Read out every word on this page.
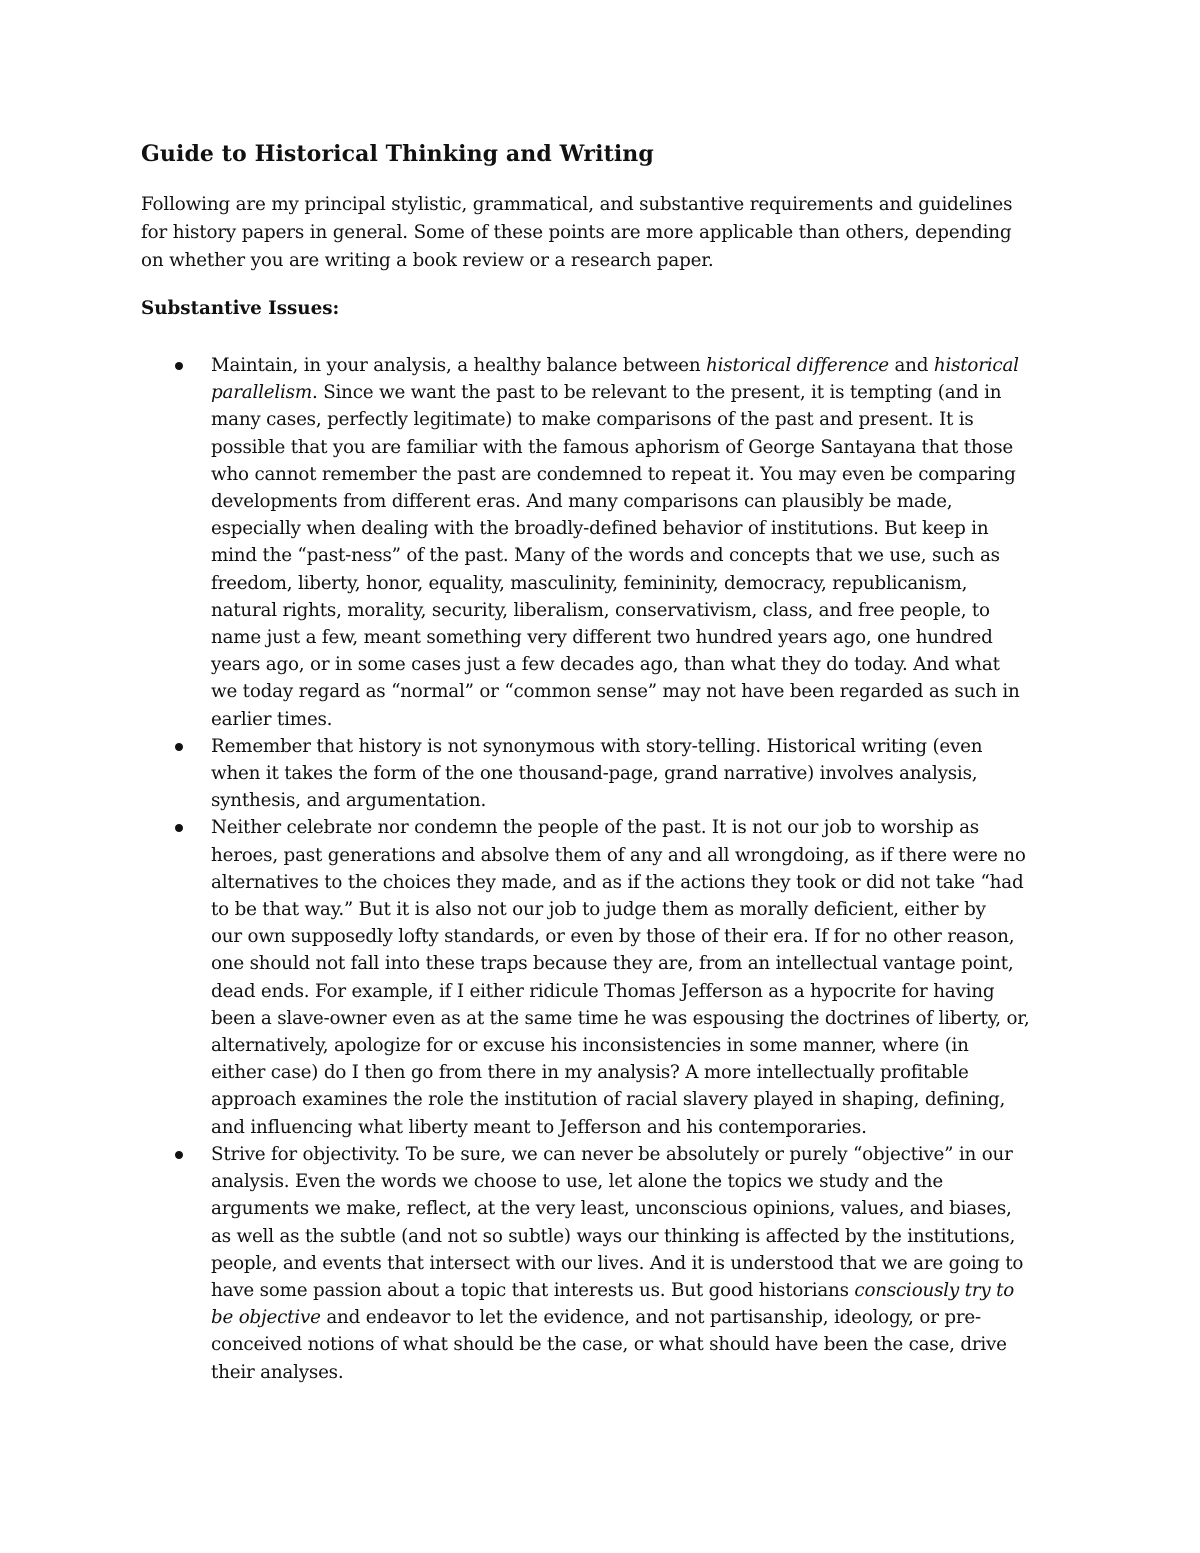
Guide to Historical Thinking and Writing

Following are my principal stylistic, grammatical, and substantive requirements and guidelines
for history papers in general. Some of these points are more applicable than others, depending
on whether you are writing a book review or a research paper.

Substantive Issues:
Maintain, in your analysis, a healthy balance between historical difference and historical
parallelism. Since we want the past to be relevant to the present, it is tempting (and in
many cases, perfectly legitimate) to make comparisons of the past and present. It is
possible that you are familiar with the famous aphorism of George Santayana that those
who cannot remember the past are condemned to repeat it. You may even be comparing
developments from different eras. And many comparisons can plausibly be made,
especially when dealing with the broadly-defined behavior of institutions. But keep in
mind the “past-ness” of the past. Many of the words and concepts that we use, such as
freedom, liberty, honor, equality, masculinity, femininity, democracy, republicanism,
natural rights, morality, security, liberalism, conservativism, class, and free people, to
name just a few, meant something very different two hundred years ago, one hundred
years ago, or in some cases just a few decades ago, than what they do today. And what
we today regard as “normal” or “common sense” may not have been regarded as such in
earlier times.
Remember that history is not synonymous with story-telling. Historical writing (even
when it takes the form of the one thousand-page, grand narrative) involves analysis,
synthesis, and argumentation.
Neither celebrate nor condemn the people of the past. It is not our job to worship as
heroes, past generations and absolve them of any and all wrongdoing, as if there were no
alternatives to the choices they made, and as if the actions they took or did not take “had
to be that way.” But it is also not our job to judge them as morally deficient, either by
our own supposedly lofty standards, or even by those of their era. If for no other reason,
one should not fall into these traps because they are, from an intellectual vantage point,
dead ends. For example, if I either ridicule Thomas Jefferson as a hypocrite for having
been a slave-owner even as at the same time he was espousing the doctrines of liberty, or,
alternatively, apologize for or excuse his inconsistencies in some manner, where (in
either case) do I then go from there in my analysis? A more intellectually profitable
approach examines the role the institution of racial slavery played in shaping, defining,
and influencing what liberty meant to Jefferson and his contemporaries.
Strive for objectivity. To be sure, we can never be absolutely or purely “objective” in our
analysis. Even the words we choose to use, let alone the topics we study and the
arguments we make, reflect, at the very least, unconscious opinions, values, and biases,
as well as the subtle (and not so subtle) ways our thinking is affected by the institutions,
people, and events that intersect with our lives. And it is understood that we are going to
have some passion about a topic that interests us. But good historians consciously try to
be objective and endeavor to let the evidence, and not partisanship, ideology, or pre-
conceived notions of what should be the case, or what should have been the case, drive
their analyses.
